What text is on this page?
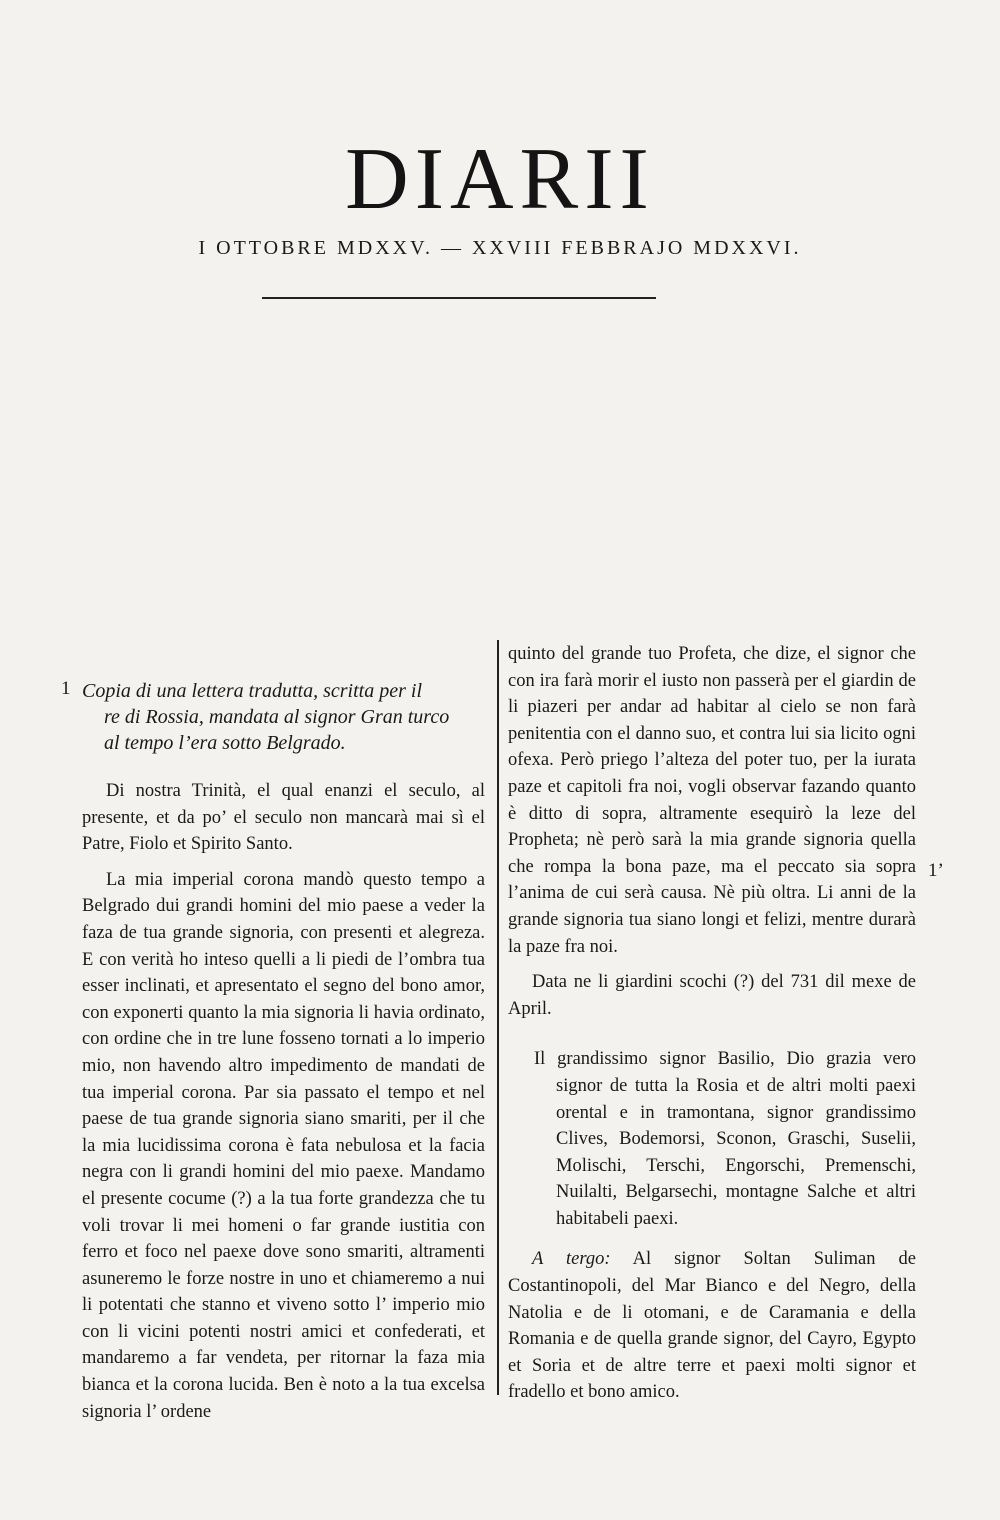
DIARII
I OTTOBRE MDXXV. — XXVIII FEBBRAJO MDXXVI.
1
1’
Copia di una lettera tradutta, scritta per il
re di Rossia, mandata al signor Gran turco
al tempo l’era sotto Belgrado.

Di nostra Trinità, el qual enanzi el seculo, al presente, et da po’ el seculo non mancarà mai sì el Patre, Fiolo et Spirito Santo.

La mia imperial corona mandò questo tempo a Belgrado dui grandi homini del mio paese a veder la faza de tua grande signoria, con presenti et alegreza. E con verità ho inteso quelli a li piedi de l’ombra tua esser inclinati, et apresentato el segno del bono amor, con exponerti quanto la mia signoria li havia ordinato, con ordine che in tre lune fosseno tornati a lo imperio mio, non havendo altro impedimento de mandati de tua imperial corona. Par sia passato el tempo et nel paese de tua grande signoria siano smariti, per il che la mia lucidissima corona è fata nebulosa et la facia negra con li grandi homini del mio paexe. Mandamo el presente cocume (?) a la tua forte grandezza che tu voli trovar li mei homeni o far grande iustitia con ferro et foco nel paexe dove sono smariti, altramenti asuneremo le forze nostre in uno et chiameremo a nui li potentati che stanno et viveno sotto l’ imperio mio con li vicini potenti nostri amici et confederati, et mandaremo a far vendeta, per ritornar la faza mia bianca et la corona lucida. Ben è noto a la tua excelsa signoria l’ ordene

quinto del grande tuo Profeta, che dize, el signor che con ira farà morir el iusto non passerà per el giardin de li piazeri per andar ad habitar al cielo se non farà penitentia con el danno suo, et contra lui sia licito ogni ofexa. Però priego l’alteza del poter tuo, per la iurata paze et capitoli fra noi, vogli observar fazando quanto è ditto di sopra, altramente esequirò la leze del Propheta; nè però sarà la mia grande signoria quella che rompa la bona paze, ma el peccato sia sopra l’anima de cui serà causa. Nè più oltra. Li anni de la grande signoria tua siano longi et felizi, mentre durarà la paze fra noi.

Data ne li giardini scochi (?) del 731 dil mexe de April.

Il grandissimo signor Basilio, Dio grazia vero signor de tutta la Rosia et de altri molti paexi orental e in tramontana, signor grandissimo Clives, Bodemorsi, Sconon, Graschi, Suselii, Molischi, Terschi, Engorschi, Premenschi, Nuilalti, Belgarsechi, montagne Salche et altri habitabeli paexi.

A tergo: Al signor Soltan Suliman de Costantinopoli, del Mar Bianco e del Negro, della Natolia e de li otomani, e de Caramania e della Romania e de quella grande signor, del Cayro, Egypto et Soria et de altre terre et paexi molti signor et fradello et bono amico.
